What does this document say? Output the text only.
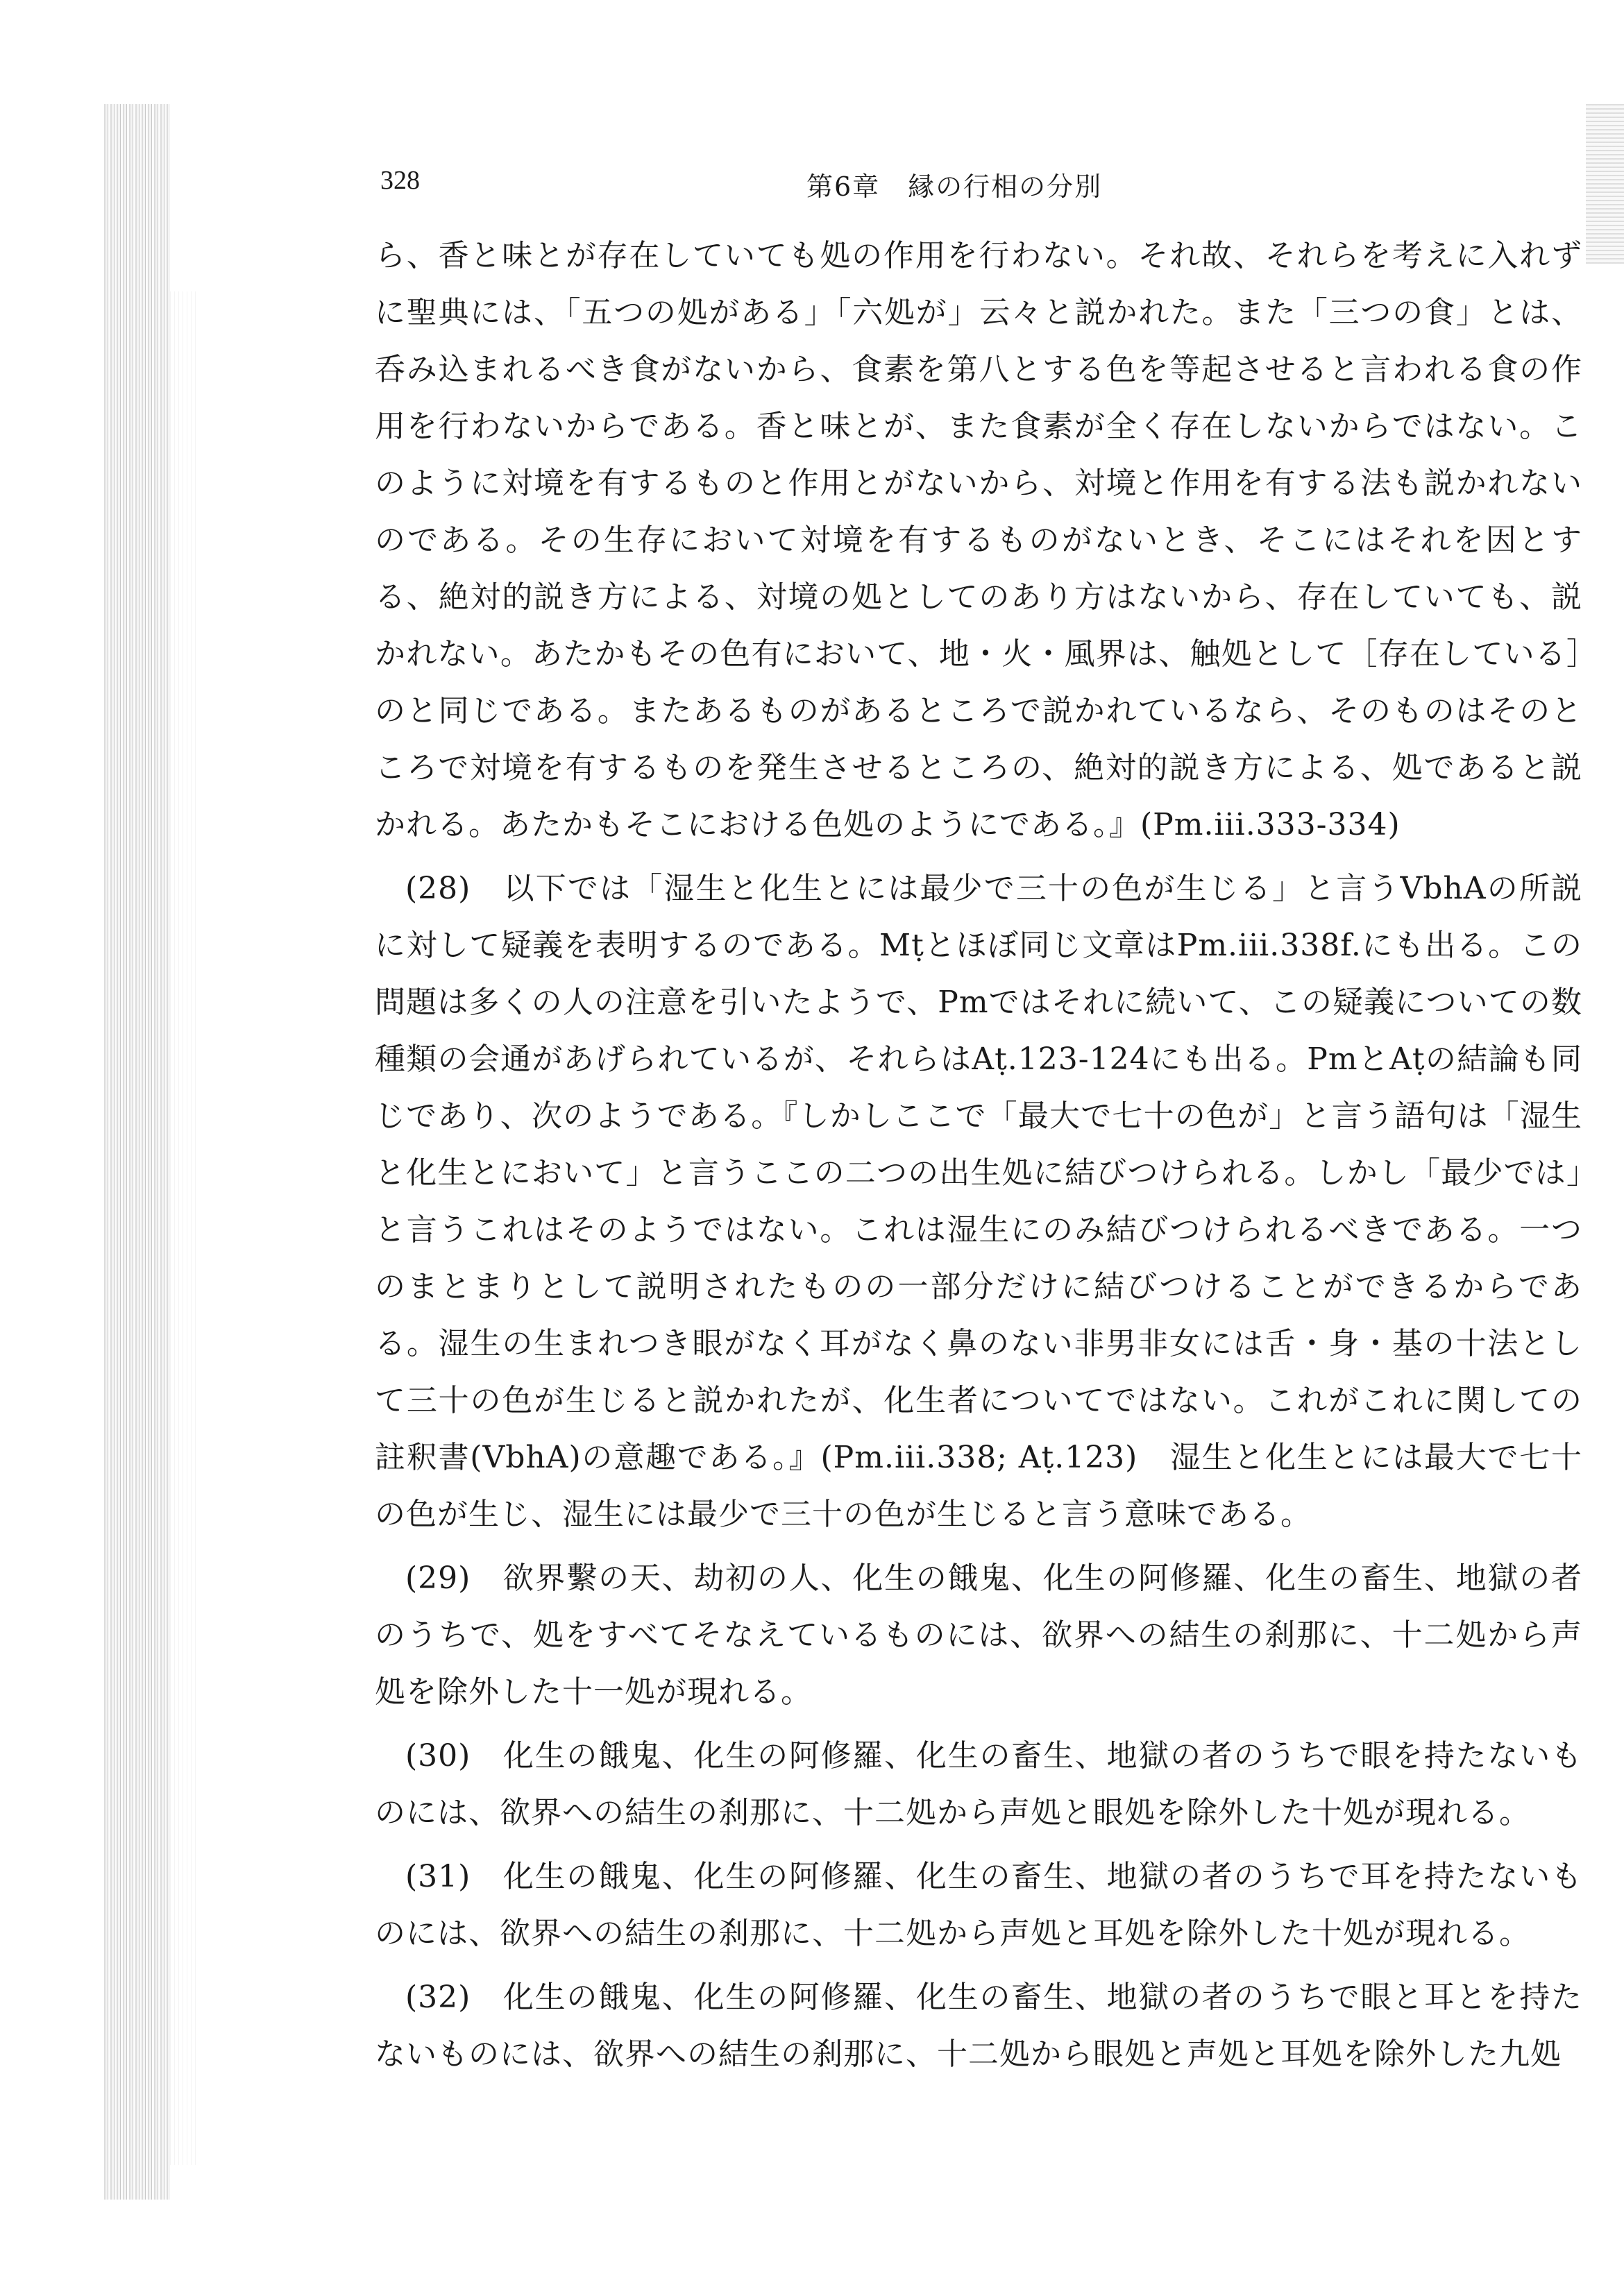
328	第6章　縁の行相の分別

ら、香と味とが存在していても処の作用を行わない。それ故、それらを考えに入れずに聖典には、「五つの処がある」「六処が」云々と説かれた。また「三つの食」とは、呑み込まれるべき食がないから、食素を第八とする色を等起させると言われる食の作用を行わないからである。香と味とが、また食素が全く存在しないからではない。このように対境を有するものと作用とがないから、対境と作用を有する法も説かれないのである。その生存において対境を有するものがないとき、そこにはそれを因とする、絶対的説き方による、対境の処としてのあり方はないから、存在していても、説かれない。あたかもその色有において、地・火・風界は、触処として［存在している］のと同じである。またあるものがあるところで説かれているなら、そのものはそのところで対境を有するものを発生させるところの、絶対的説き方による、処であると説かれる。あたかもそこにおける色処のようにである。』(Pm.iii.333-334)

(28)　以下では「湿生と化生とには最少で三十の色が生じる」と言うVbhAの所説に対して疑義を表明するのである。Mṭとほぼ同じ文章はPm.iii.338f.にも出る。この問題は多くの人の注意を引いたようで、Pmではそれに続いて、この疑義についての数種類の会通があげられているが、それらはAṭ.123-124にも出る。PmとAṭの結論も同じであり、次のようである。『しかしここで「最大で七十の色が」と言う語句は「湿生と化生とにおいて」と言うここの二つの出生処に結びつけられる。しかし「最少では」と言うこれはそのようではない。これは湿生にのみ結びつけられるべきである。一つのまとまりとして説明されたものの一部分だけに結びつけることができるからである。湿生の生まれつき眼がなく耳がなく鼻のない非男非女には舌・身・基の十法として三十の色が生じると説かれたが、化生者についてではない。これがこれに関しての註釈書(VbhA)の意趣である。』(Pm.iii.338; Aṭ.123)　湿生と化生とには最大で七十の色が生じ、湿生には最少で三十の色が生じると言う意味である。

(29)　欲界繫の天、劫初の人、化生の餓鬼、化生の阿修羅、化生の畜生、地獄の者のうちで、処をすべてそなえているものには、欲界への結生の刹那に、十二処から声処を除外した十一処が現れる。

(30)　化生の餓鬼、化生の阿修羅、化生の畜生、地獄の者のうちで眼を持たないものには、欲界への結生の刹那に、十二処から声処と眼処を除外した十処が現れる。

(31)　化生の餓鬼、化生の阿修羅、化生の畜生、地獄の者のうちで耳を持たないものには、欲界への結生の刹那に、十二処から声処と耳処を除外した十処が現れる。

(32)　化生の餓鬼、化生の阿修羅、化生の畜生、地獄の者のうちで眼と耳とを持たないものには、欲界への結生の刹那に、十二処から眼処と声処と耳処を除外した九処
